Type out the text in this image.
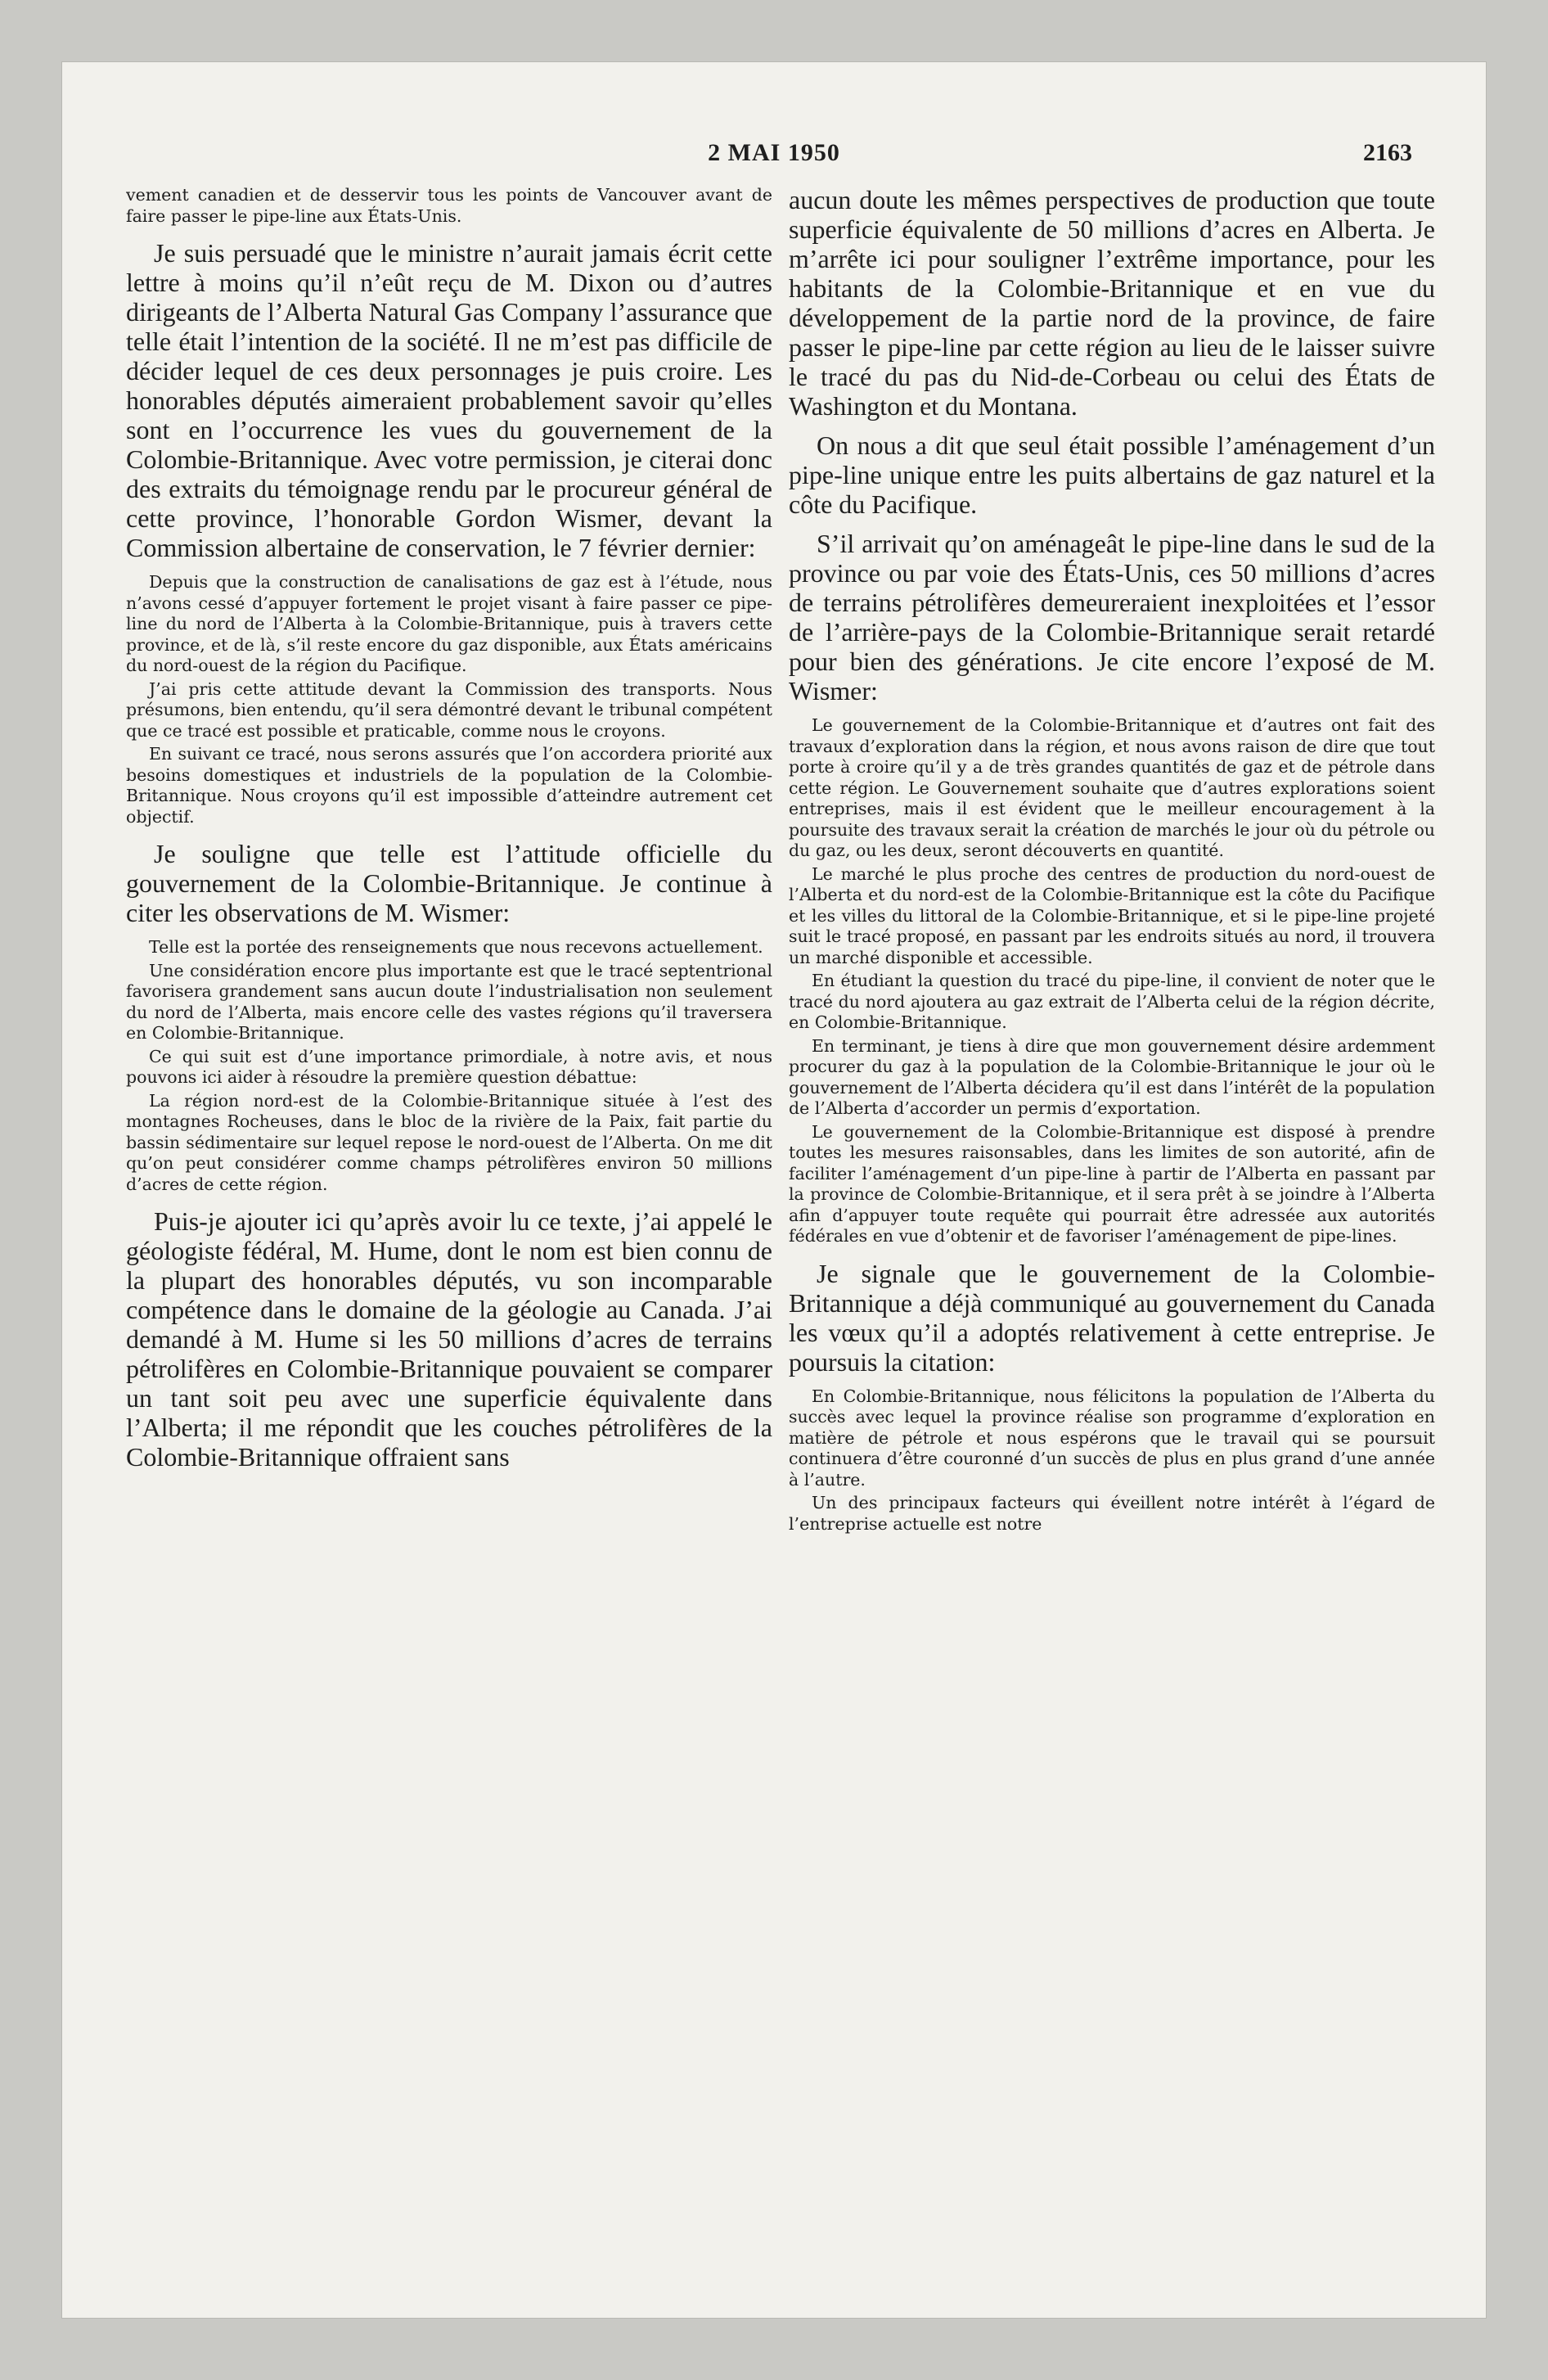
2 MAI 1950	2163

vement canadien et de desservir tous les points de Vancouver avant de faire passer le pipe-line aux États-Unis.

Je suis persuadé que le ministre n’aurait jamais écrit cette lettre à moins qu’il n’eût reçu de M. Dixon ou d’autres dirigeants de l’Alberta Natural Gas Company l’assurance que telle était l’intention de la société. Il ne m’est pas difficile de décider lequel de ces deux personnages je puis croire. Les honorables députés aimeraient probablement savoir qu’elles sont en l’occurrence les vues du gouvernement de la Colombie-Britannique. Avec votre permission, je citerai donc des extraits du témoignage rendu par le procureur général de cette province, l’honorable Gordon Wismer, devant la Commission albertaine de conservation, le 7 février dernier:

Depuis que la construction de canalisations de gaz est à l’étude, nous n’avons cessé d’appuyer fortement le projet visant à faire passer ce pipe-line du nord de l’Alberta à la Colombie-Britannique, puis à travers cette province, et de là, s’il reste encore du gaz disponible, aux États américains du nord-ouest de la région du Pacifique.

J’ai pris cette attitude devant la Commission des transports. Nous présumons, bien entendu, qu’il sera démontré devant le tribunal compétent que ce tracé est possible et praticable, comme nous le croyons.

En suivant ce tracé, nous serons assurés que l’on accordera priorité aux besoins domestiques et industriels de la population de la Colombie-Britannique. Nous croyons qu’il est impossible d’atteindre autrement cet objectif.

Je souligne que telle est l’attitude officielle du gouvernement de la Colombie-Britannique. Je continue à citer les observations de M. Wismer:

Telle est la portée des renseignements que nous recevons actuellement.

Une considération encore plus importante est que le tracé septentrional favorisera grandement sans aucun doute l’industrialisation non seulement du nord de l’Alberta, mais encore celle des vastes régions qu’il traversera en Colombie-Britannique.

Ce qui suit est d’une importance primordiale, à notre avis, et nous pouvons ici aider à résoudre la première question débattue:

La région nord-est de la Colombie-Britannique située à l’est des montagnes Rocheuses, dans le bloc de la rivière de la Paix, fait partie du bassin sédimentaire sur lequel repose le nord-ouest de l’Alberta. On me dit qu’on peut considérer comme champs pétrolifères environ 50 millions d’acres de cette région.

Puis-je ajouter ici qu’après avoir lu ce texte, j’ai appelé le géologiste fédéral, M. Hume, dont le nom est bien connu de la plupart des honorables députés, vu son incomparable compétence dans le domaine de la géologie au Canada. J’ai demandé à M. Hume si les 50 millions d’acres de terrains pétrolifères en Colombie-Britannique pouvaient se comparer un tant soit peu avec une superficie équivalente dans l’Alberta; il me répondit que les couches pétrolifères de la Colombie-Britannique offraient sans

aucun doute les mêmes perspectives de production que toute superficie équivalente de 50 millions d’acres en Alberta. Je m’arrête ici pour souligner l’extrême importance, pour les habitants de la Colombie-Britannique et en vue du développement de la partie nord de la province, de faire passer le pipe-line par cette région au lieu de le laisser suivre le tracé du pas du Nid-de-Corbeau ou celui des États de Washington et du Montana.

On nous a dit que seul était possible l’aménagement d’un pipe-line unique entre les puits albertains de gaz naturel et la côte du Pacifique.

S’il arrivait qu’on aménageât le pipe-line dans le sud de la province ou par voie des États-Unis, ces 50 millions d’acres de terrains pétrolifères demeureraient inexploitées et l’essor de l’arrière-pays de la Colombie-Britannique serait retardé pour bien des générations. Je cite encore l’exposé de M. Wismer:

Le gouvernement de la Colombie-Britannique et d’autres ont fait des travaux d’exploration dans la région, et nous avons raison de dire que tout porte à croire qu’il y a de très grandes quantités de gaz et de pétrole dans cette région. Le Gouvernement souhaite que d’autres explorations soient entreprises, mais il est évident que le meilleur encouragement à la poursuite des travaux serait la création de marchés le jour où du pétrole ou du gaz, ou les deux, seront découverts en quantité.

Le marché le plus proche des centres de production du nord-ouest de l’Alberta et du nord-est de la Colombie-Britannique est la côte du Pacifique et les villes du littoral de la Colombie-Britannique, et si le pipe-line projeté suit le tracé proposé, en passant par les endroits situés au nord, il trouvera un marché disponible et accessible.

En étudiant la question du tracé du pipe-line, il convient de noter que le tracé du nord ajoutera au gaz extrait de l’Alberta celui de la région décrite, en Colombie-Britannique.

En terminant, je tiens à dire que mon gouvernement désire ardemment procurer du gaz à la population de la Colombie-Britannique le jour où le gouvernement de l’Alberta décidera qu’il est dans l’intérêt de la population de l’Alberta d’accorder un permis d’exportation.

Le gouvernement de la Colombie-Britannique est disposé à prendre toutes les mesures raisonsables, dans les limites de son autorité, afin de faciliter l’aménagement d’un pipe-line à partir de l’Alberta en passant par la province de Colombie-Britannique, et il sera prêt à se joindre à l’Alberta afin d’appuyer toute requête qui pourrait être adressée aux autorités fédérales en vue d’obtenir et de favoriser l’aménagement de pipe-lines.

Je signale que le gouvernement de la Colombie-Britannique a déjà communiqué au gouvernement du Canada les vœux qu’il a adoptés relativement à cette entreprise. Je poursuis la citation:

En Colombie-Britannique, nous félicitons la population de l’Alberta du succès avec lequel la province réalise son programme d’exploration en matière de pétrole et nous espérons que le travail qui se poursuit continuera d’être couronné d’un succès de plus en plus grand d’une année à l’autre.

Un des principaux facteurs qui éveillent notre intérêt à l’égard de l’entreprise actuelle est notre
